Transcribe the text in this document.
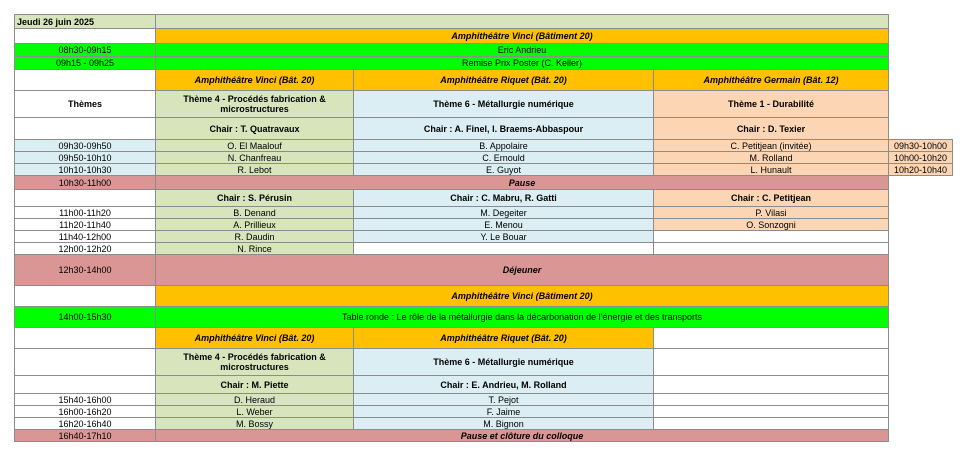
Jeudi 26 juin 2025				
	Amphithéâtre Vinci (Bâtiment 20)			
08h30-09h15	Eric Andrieu			
09h15 - 09h25	Remise Prix Poster (C. Keller)			
	Amphithéâtre Vinci (Bât. 20)	Amphithéâtre Riquet (Bât. 20)	Amphithéâtre Germain (Bât. 12)	
Thèmes	Thème 4 - Procédés fabrication & microstructures	Thème 6 - Métallurgie numérique	Thème 1 - Durabilité	
	Chair : T. Quatravaux	Chair : A. Finel, I. Braems-Abbaspour	Chair : D. Texier	
09h30-09h50	O. El Maalouf	B. Appolaire	C. Petitjean (invitée)	09h30-10h00
09h50-10h10	N. Chanfreau	C. Ernould	M. Rolland	10h00-10h20
10h10-10h30	R. Lebot	E. Guyot	L. Hunault	10h20-10h40
10h30-11h00	Pause			
	Chair : S. Pérusin	Chair : C. Mabru, R. Gatti	Chair : C. Petitjean	
11h00-11h20	B. Denand	M. Degeiter	P. Vilasi	
11h20-11h40	A. Prillieux	E. Menou	O. Sonzogni	
11h40-12h00	R. Daudin	Y. Le Bouar		
12h00-12h20	N. Rince			
12h30-14h00	Déjeuner			
	Amphithéâtre Vinci (Bâtiment 20)			
14h00-15h30	Table ronde : Le rôle de la métallurgie dans la décarbonation de l'énergie et des transports			
	Amphithéâtre Vinci (Bât. 20)	Amphithéâtre Riquet (Bât. 20)		
	Thème 4 - Procédés fabrication & microstructures	Thème 6 - Métallurgie numérique		
	Chair : M. Piette	Chair : E. Andrieu, M. Rolland		
15h40-16h00	D. Heraud	T. Pejot		
16h00-16h20	L. Weber	F. Jaime		
16h20-16h40	M. Bossy	M. Bignon		
16h40-17h10	Pause et clôture du colloque			
